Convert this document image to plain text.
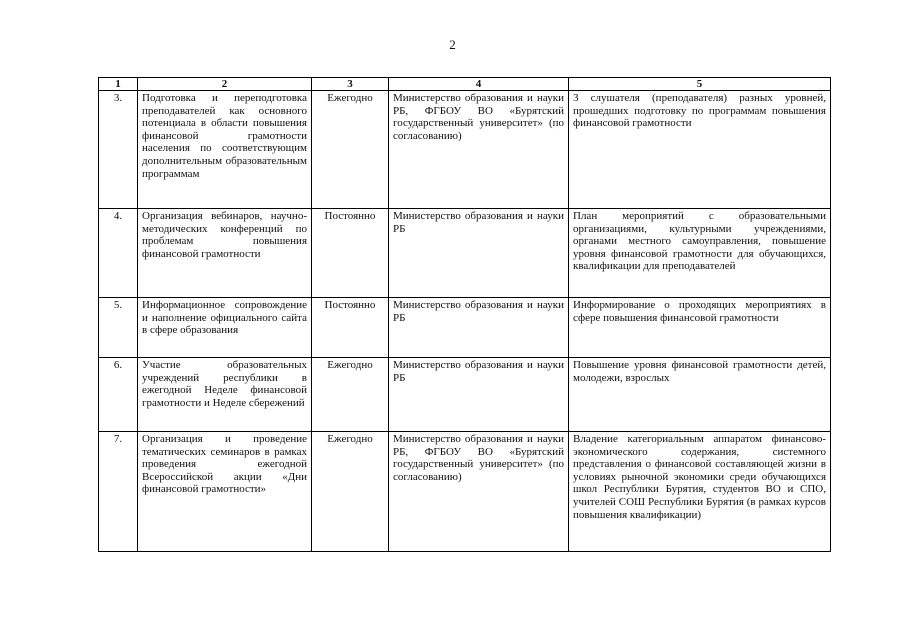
2
1	2	3	4	5
3.	Подготовка и переподготовка преподавателей как основного потенциала в области повышения финансовой грамотности населения по соответствующим дополнительным образовательным программам	Ежегодно	Министерство образования и науки РБ, ФГБОУ ВО «Бурятский государственный университет» (по согласованию)	3 слушателя (преподавателя) разных уровней, прошедших подготовку по программам повышения финансовой грамотности
4.	Организация вебинаров, научно-методических конференций по проблемам повышения финансовой грамотности	Постоянно	Министерство образования и науки РБ	План мероприятий с образовательными организациями, культурными учреждениями, органами местного самоуправления, повышение уровня финансовой грамотности для обучающихся, квалификации для преподавателей
5.	Информационное сопровождение и наполнение официального сайта в сфере образования	Постоянно	Министерство образования и науки РБ	Информирование о проходящих мероприятиях в сфере повышения финансовой грамотности
6.	Участие образовательных учреждений республики в ежегодной Неделе финансовой грамотности и Неделе сбережений	Ежегодно	Министерство образования и науки РБ	Повышение уровня финансовой грамотности детей, молодежи, взрослых
7.	Организация и проведение тематических семинаров в рамках проведения ежегодной Всероссийской акции «Дни финансовой грамотности»	Ежегодно	Министерство образования и науки РБ, ФГБОУ ВО «Бурятский государственный университет» (по согласованию)	Владение категориальным аппаратом финансово-экономического содержания, системного представления о финансовой составляющей жизни в условиях рыночной экономики среди обучающихся школ Республики Бурятия, студентов ВО и СПО, учителей СОШ Республики Бурятия (в рамках курсов повышения квалификации)
